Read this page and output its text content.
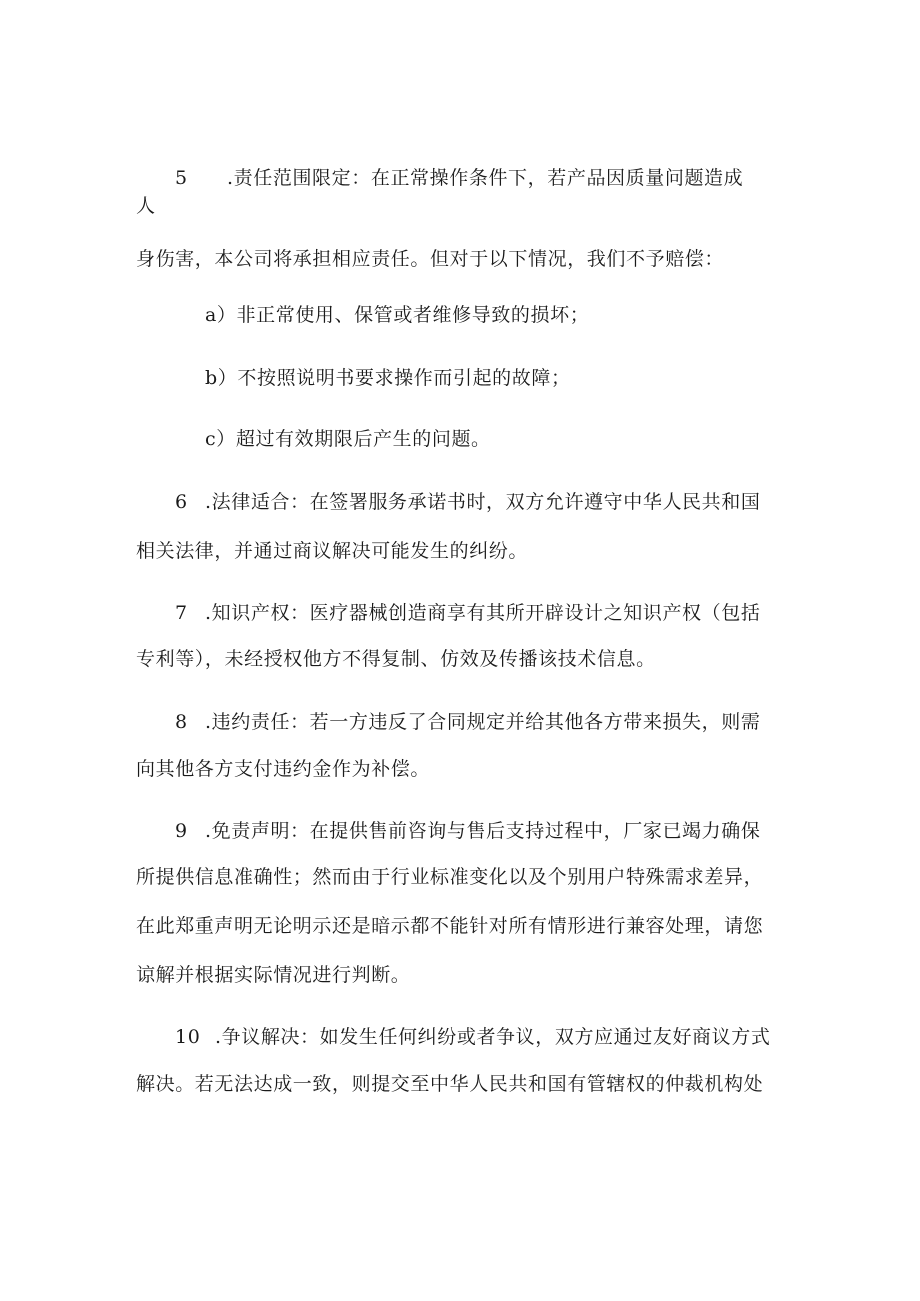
5 .责任范围限定：在正常操作条件下，若产品因质量问题造成
人
身伤害，本公司将承担相应责任。但对于以下情况，我们不予赔偿：
a）非正常使用、保管或者维修导致的损坏；
b）不按照说明书要求操作而引起的故障；
c）超过有效期限后产生的问题。
6 .法律适合：在签署服务承诺书时，双方允许遵守中华人民共和国
相关法律，并通过商议解决可能发生的纠纷。
7 .知识产权：医疗器械创造商享有其所开辟设计之知识产权（包括
专利等），未经授权他方不得复制、仿效及传播该技术信息。
8 .违约责任：若一方违反了合同规定并给其他各方带来损失，则需
向其他各方支付违约金作为补偿。
9 .免责声明：在提供售前咨询与售后支持过程中，厂家已竭力确保
所提供信息准确性；然而由于行业标准变化以及个别用户特殊需求差异，
在此郑重声明无论明示还是暗示都不能针对所有情形进行兼容处理，请您
谅解并根据实际情况进行判断。
10 .争议解决：如发生任何纠纷或者争议，双方应通过友好商议方式
解决。若无法达成一致，则提交至中华人民共和国有管辖权的仲裁机构处
